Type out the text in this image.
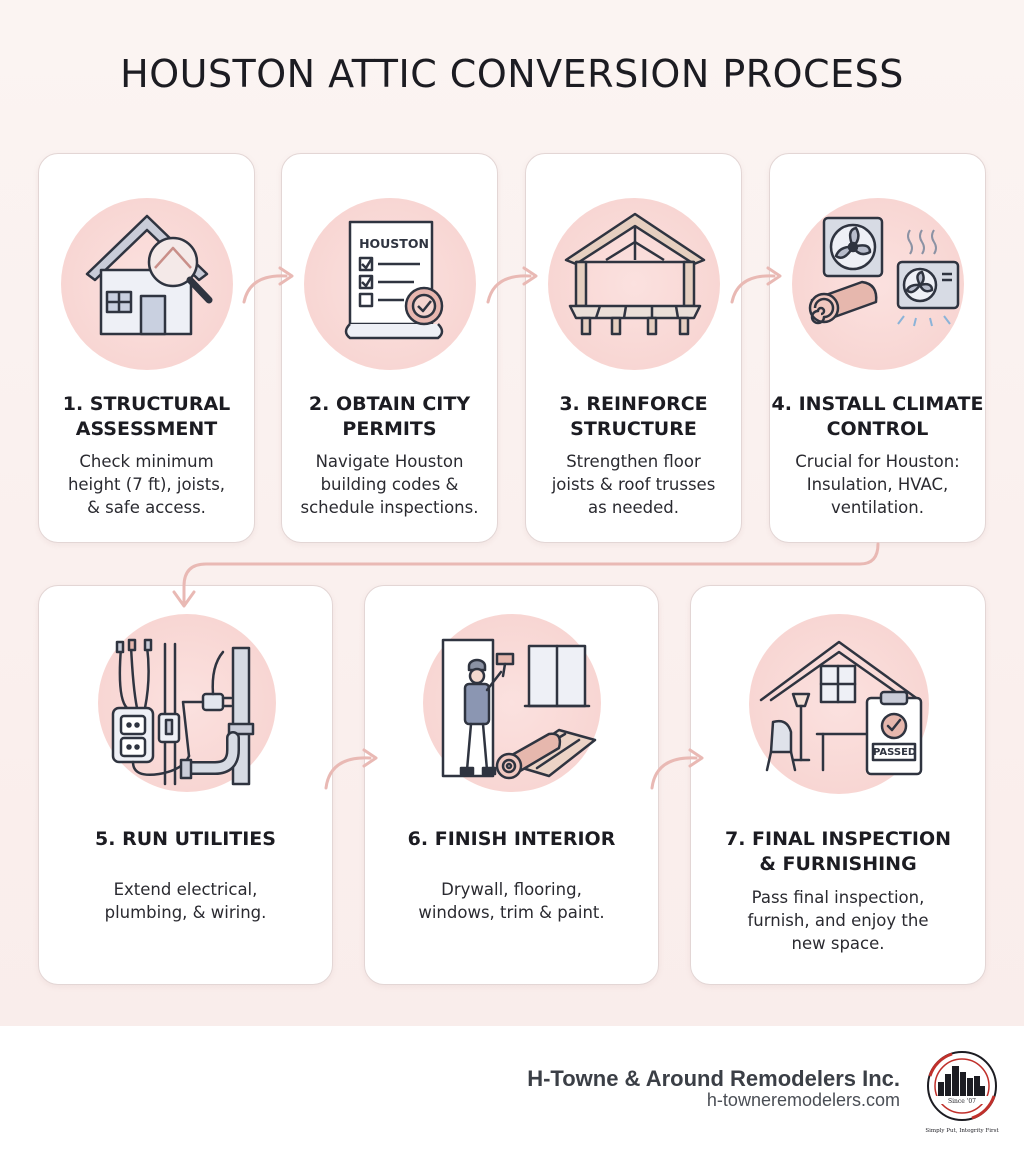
HOUSTON ATTIC CONVERSION PROCESS
1. STRUCTURAL
ASSESSMENT
Check minimum
height (7 ft), joists,
& safe access.
HOUSTON
2. OBTAIN CITY
PERMITS
Navigate Houston
building codes &
schedule inspections.
3. REINFORCE
STRUCTURE
Strengthen floor
joists & roof trusses
as needed.
4. INSTALL CLIMATE
CONTROL
Crucial for Houston:
Insulation, HVAC,
ventilation.
5. RUN UTILITIES
Extend electrical,
plumbing, & wiring.
6. FINISH INTERIOR
Drywall, flooring,
windows, trim & paint.
PASSED
7. FINAL INSPECTION
& FURNISHING
Pass final inspection,
furnish, and enjoy the
new space.
H-Towne & Around Remodelers Inc.
h-towneremodelers.com	Since '07
Simply Put, Integrity First
